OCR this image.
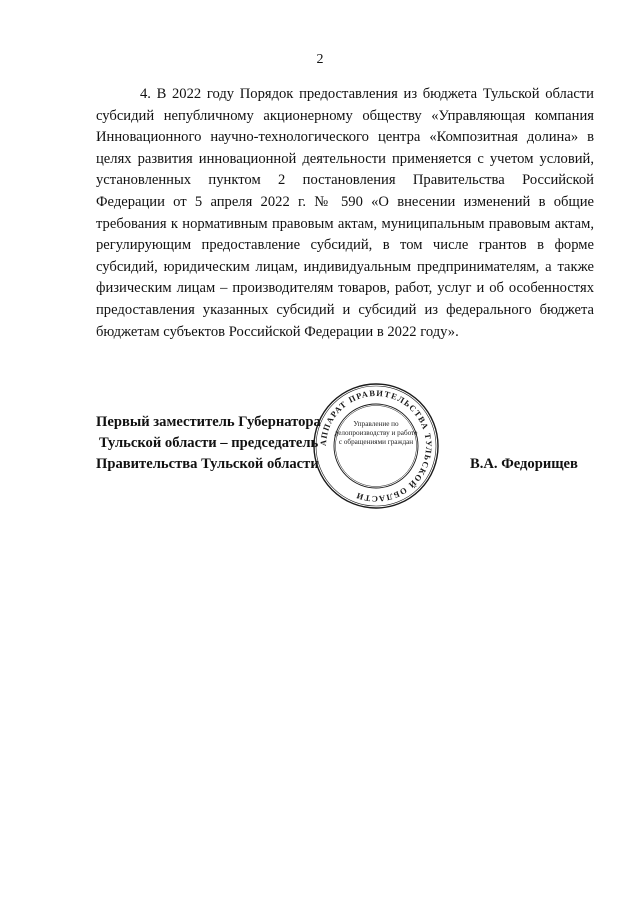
2

4. В 2022 году Порядок предоставления из бюджета Тульской области субсидий непубличному акционерному обществу «Управляющая компания Инновационного научно-технологического центра «Композитная долина» в целях развития инновационной деятельности применяется с учетом условий, установленных пунктом 2 постановления Правительства Российской Федерации от 5 апреля 2022 г. № 590 «О внесении изменений в общие требования к нормативным правовым актам, муниципальным правовым актам, регулирующим предоставление субсидий, в том числе грантов в форме субсидий, юридическим лицам, индивидуальным предпринимателям, а также физическим лицам – производителям товаров, работ, услуг и об особенностях предоставления указанных субсидий и субсидий из федерального бюджета бюджетам субъектов Российской Федерации в 2022 году».

Первый заместитель Губернатора
Тульской области – председатель
Правительства Тульской области	В.А. Федорищев
АППАРАТ ПРАВИТЕЛЬСТВА ТУЛЬСКОЙ ОБЛАСТИ
Управление по делопроизводству и работе с обращениями граждан
